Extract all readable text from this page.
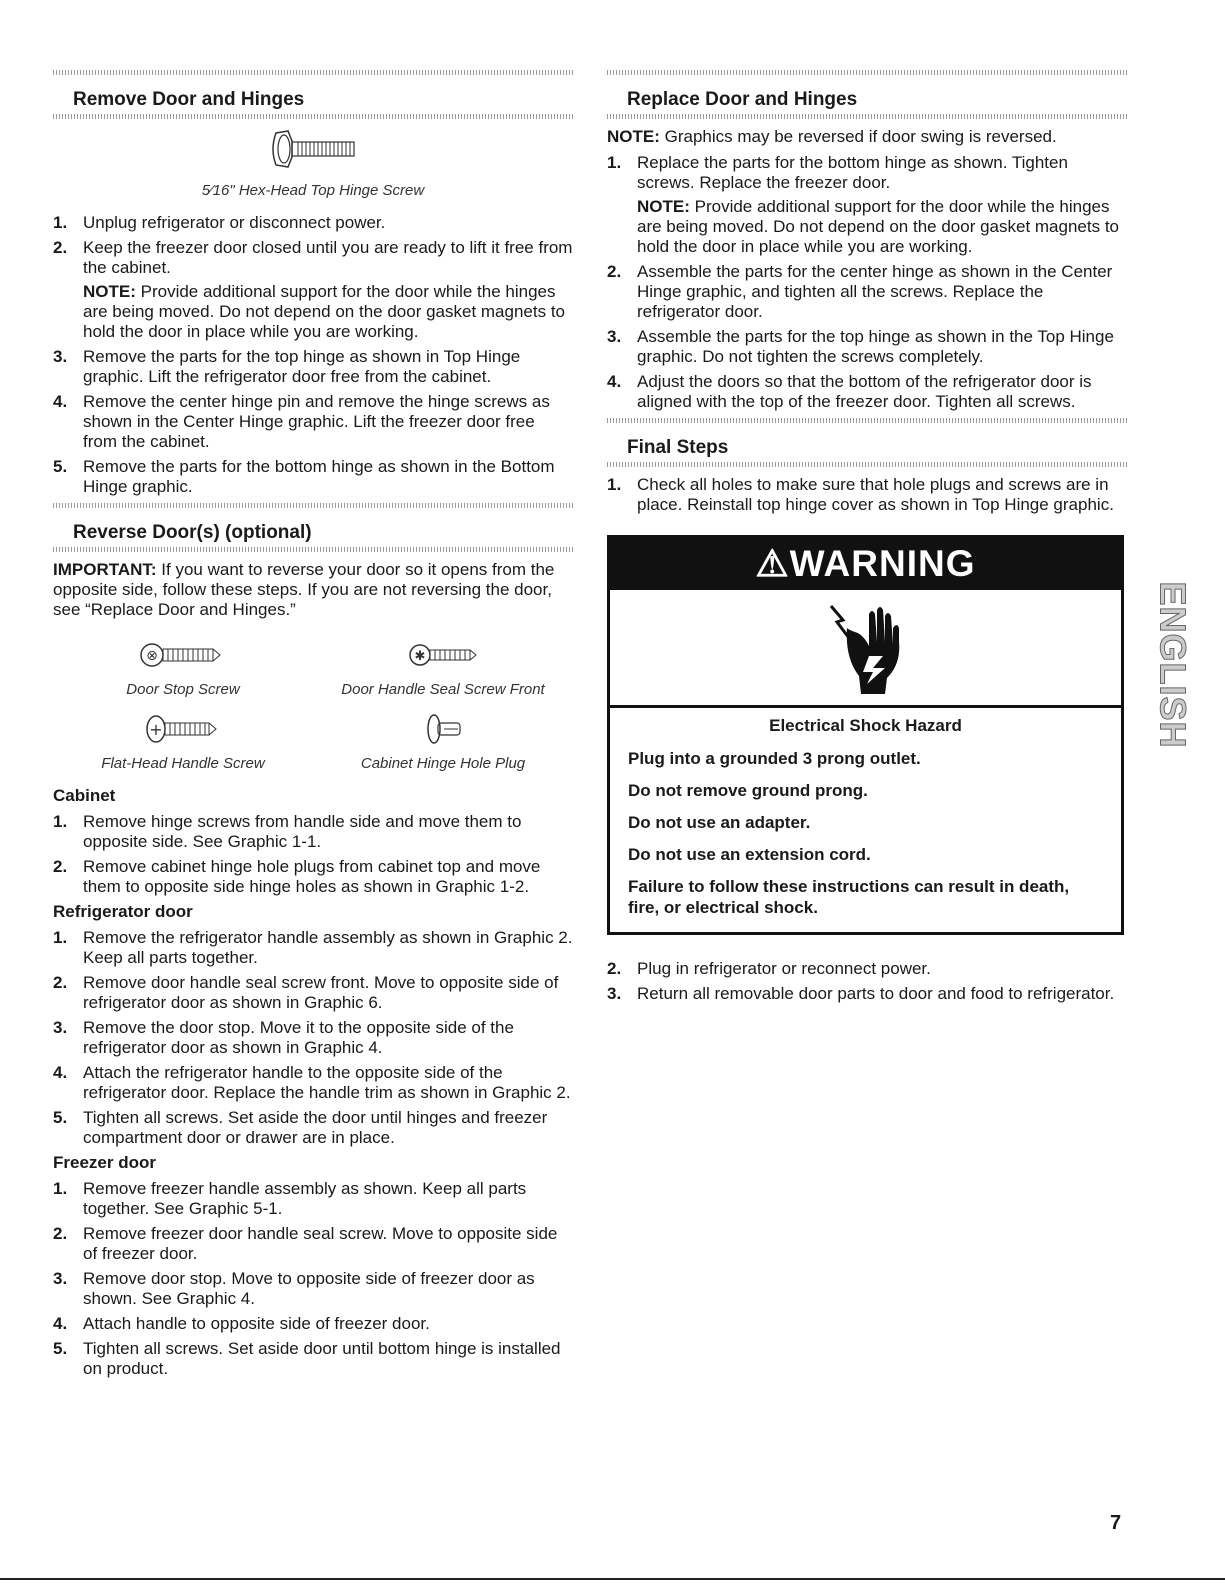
Remove Door and Hinges
5⁄16" Hex-Head Top Hinge Screw
1. Unplug refrigerator or disconnect power.
2. Keep the freezer door closed until you are ready to lift it free from the cabinet.
NOTE: Provide additional support for the door while the hinges are being moved. Do not depend on the door gasket magnets to hold the door in place while you are working.
3. Remove the parts for the top hinge as shown in Top Hinge graphic. Lift the refrigerator door free from the cabinet.
4. Remove the center hinge pin and remove the hinge screws as shown in the Center Hinge graphic. Lift the freezer door free from the cabinet.
5. Remove the parts for the bottom hinge as shown in the Bottom Hinge graphic.
Reverse Door(s) (optional)
IMPORTANT: If you want to reverse your door so it opens from the opposite side, follow these steps. If you are not reversing the door, see “Replace Door and Hinges.”
⊗
Door Stop Screw
✱
Door Handle Seal Screw Front
+
Flat-Head Handle Screw	Cabinet Hinge Hole Plug
Cabinet
1. Remove hinge screws from handle side and move them to opposite side. See Graphic 1-1.
2. Remove cabinet hinge hole plugs from cabinet top and move them to opposite side hinge holes as shown in Graphic 1-2.
Refrigerator door
1. Remove the refrigerator handle assembly as shown in Graphic 2. Keep all parts together.
2. Remove door handle seal screw front. Move to opposite side of refrigerator door as shown in Graphic 6.
3. Remove the door stop. Move it to the opposite side of the refrigerator door as shown in Graphic 4.
4. Attach the refrigerator handle to the opposite side of the refrigerator door. Replace the handle trim as shown in Graphic 2.
5. Tighten all screws. Set aside the door until hinges and freezer compartment door or drawer are in place.
Freezer door
1. Remove freezer handle assembly as shown. Keep all parts together. See Graphic 5-1.
2. Remove freezer door handle seal screw. Move to opposite side of freezer door.
3. Remove door stop. Move to opposite side of freezer door as shown. See Graphic 4.
4. Attach handle to opposite side of freezer door.
5. Tighten all screws. Set aside door until bottom hinge is installed on product.
Replace Door and Hinges
NOTE: Graphics may be reversed if door swing is reversed.
1. Replace the parts for the bottom hinge as shown. Tighten screws. Replace the freezer door.
NOTE: Provide additional support for the door while the hinges are being moved. Do not depend on the door gasket magnets to hold the door in place while you are working.
2. Assemble the parts for the center hinge as shown in the Center Hinge graphic, and tighten all the screws. Replace the refrigerator door.
3. Assemble the parts for the top hinge as shown in the Top Hinge graphic. Do not tighten the screws completely.
4. Adjust the doors so that the bottom of the refrigerator door is aligned with the top of the freezer door. Tighten all screws.
Final Steps
1. Check all holes to make sure that hole plugs and screws are in place. Reinstall top hinge cover as shown in Top Hinge graphic.
⚠WARNING
Electrical Shock Hazard
Plug into a grounded 3 prong outlet.
Do not remove ground prong.
Do not use an adapter.
Do not use an extension cord.
Failure to follow these instructions can result in death, fire, or electrical shock.
2. Plug in refrigerator or reconnect power.
3. Return all removable door parts to door and food to refrigerator.
ENGLISH
7
